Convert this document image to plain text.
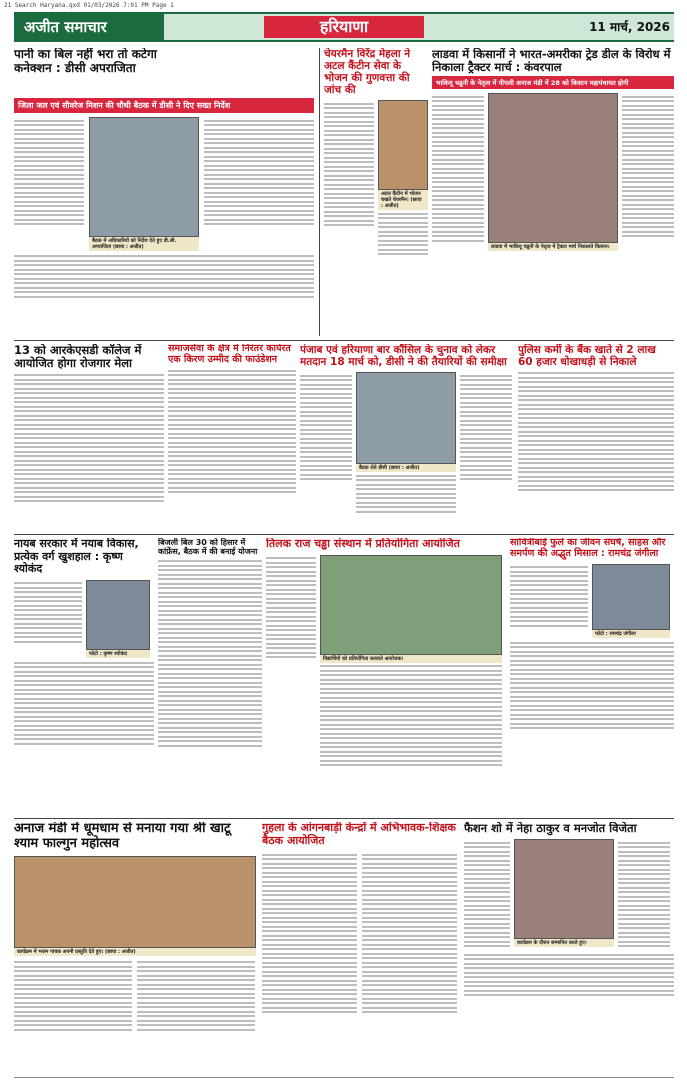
21 Search Haryana.qxd 01/03/2026 7:01 PM Page 1
अजीत समाचार	हरियाणा	11 मार्च, 2026
पानी का बिल नहीं भरा तो कटेगा कनेक्शन : डीसी अपराजिता
जिला जल एवं सीवरेज मिशन की चौथी बैठक में डीसी ने दिए सख्त निर्देश
बैठक में अधिकारियों को निर्देश देते हुए डी.सी. अपराजिता (छाया : अजीत)
चेयरमैन विरेंद्र मेहला ने अटल कैंटीन सेवा के भोजन की गुणवत्ता की जांच की
अटल कैंटीन में भोजन चखते चेयरमैन। (छाया : अजीत)
लाडवा में किसानों ने भारत-अमरीका ट्रेड डील के विरोध में निकाला ट्रैक्टर मार्च : कंवरपाल
भाकियू चढूनी के नेतृत्व में पीपली अनाज मंडी में 28 को किसान महापंचायत होगी
लाडवा में भाकियू चढूनी के नेतृत्व में ट्रैक्टर मार्च निकालते किसान।
13 को आरकेएसडी कॉलेज में आयोजित होगा रोजगार मेला
समाजसेवा के क्षेत्र में निरंतर कार्यरत एक किरण उम्मीद की फाउंडेशन
पंजाब एवं हरियाणा बार कौंसिल के चुनाव को लेकर मतदान 18 मार्च को, डीसी ने की तैयारियों की समीक्षा
बैठक लेते डीसी (छाया : अजीत)
पुलिस कर्मी के बैंक खाते से 2 लाख 60 हजार धोखाधड़ी से निकाले
नायब सरकार में नयाब विकास, प्रत्येक वर्ग खुशहाल : कृष्ण श्योकंद
फोटो : कृष्ण श्योकंद
बिजली बिल 30 को हिसार में कांफ्रेंस, बैठक में की बनाई योजना
तिलक राज चड्ढा संस्थान में प्रतियोगिता आयोजित
विद्यार्थियों को प्रतियोगिता करवाते आयोजक।
सावित्रीबाई फुले का जीवन संघर्ष, साहस और समर्पण की अद्भुत मिसाल : रामचंद्र जंगीला
फोटो : रामचंद्र जंगीला
अनाज मंडी में धूमधाम से मनाया गया श्री खाटू श्याम फाल्गुन महोत्सव
कार्यक्रम में भजन गायक अपनी प्रस्तुति देते हुए। (छाया : अजीत)
गुहला के आंगनबाड़ी केन्द्रों में अभिभावक-शिक्षक बैठक आयोजित
फैशन शो में नेहा ठाकुर व मनजोत विजेता
कार्यक्रम के दौरान सम्मानित करते हुए।
